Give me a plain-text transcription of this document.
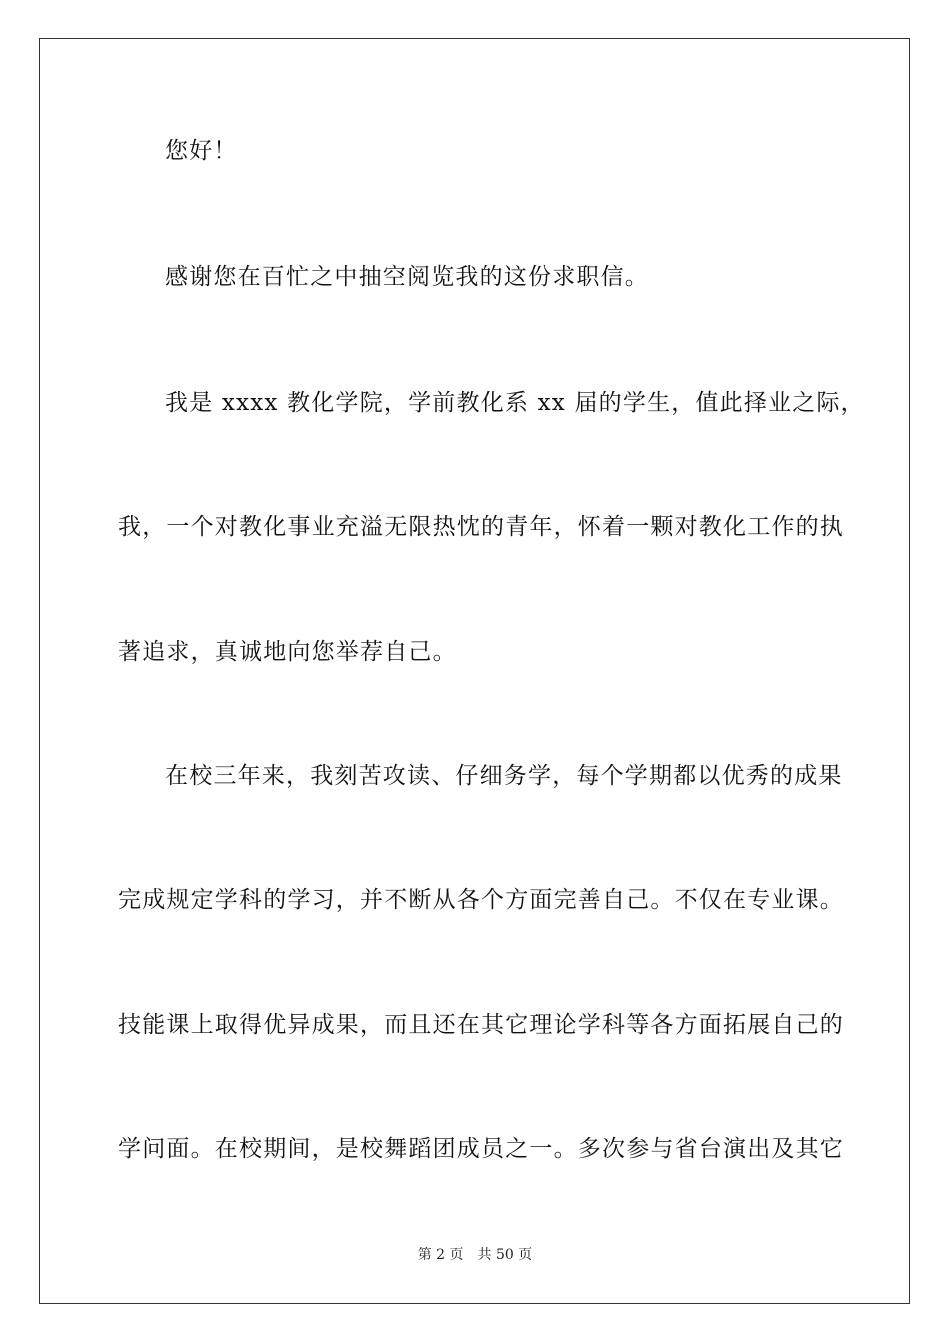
您好！
感谢您在百忙之中抽空阅览我的这份求职信。
我是 xxxx 教化学院，学前教化系 xx 届的学生，值此择业之际，
我，一个对教化事业充溢无限热忱的青年，怀着一颗对教化工作的执
著追求，真诚地向您举荐自己。
在校三年来，我刻苦攻读、仔细务学，每个学期都以优秀的成果
完成规定学科的学习，并不断从各个方面完善自己。不仅在专业课。
技能课上取得优异成果，而且还在其它理论学科等各方面拓展自己的
学问面。在校期间，是校舞蹈团成员之一。多次参与省台演出及其它
第 2 页 共 50 页
